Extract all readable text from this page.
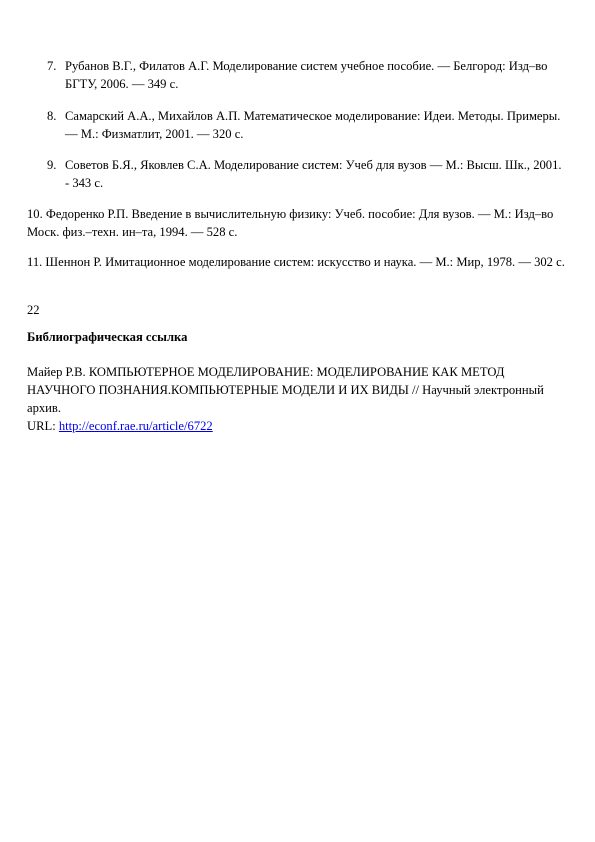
7. Рубанов В.Г., Филатов А.Г. Моделирование систем учебное пособие. — Белгород: Изд–во БГТУ, 2006. — 349 с.
8. Самарский А.А., Михайлов А.П. Математическое моделирование: Идеи. Методы. Примеры. — М.: Физматлит, 2001. — 320 с.
9. Советов Б.Я., Яковлев С.А. Моделирование систем: Учеб для вузов — М.: Высш. Шк., 2001. - 343 с.
10. Федоренко Р.П. Введение в вычислительную физику: Учеб. пособие: Для вузов. — М.: Изд–во Моск. физ.–техн. ин–та, 1994. — 528 с.
11. Шеннон Р. Имитационное моделирование систем: искусство и наука. — М.: Мир, 1978. — 302 с.
22
Библиографическая ссылка
Майер Р.В. КОМПЬЮТЕРНОЕ МОДЕЛИРОВАНИЕ: МОДЕЛИРОВАНИЕ КАК МЕТОД НАУЧНОГО ПОЗНАНИЯ.КОМПЬЮТЕРНЫЕ МОДЕЛИ И ИХ ВИДЫ // Научный электронный архив.
URL: http://econf.rae.ru/article/6722
